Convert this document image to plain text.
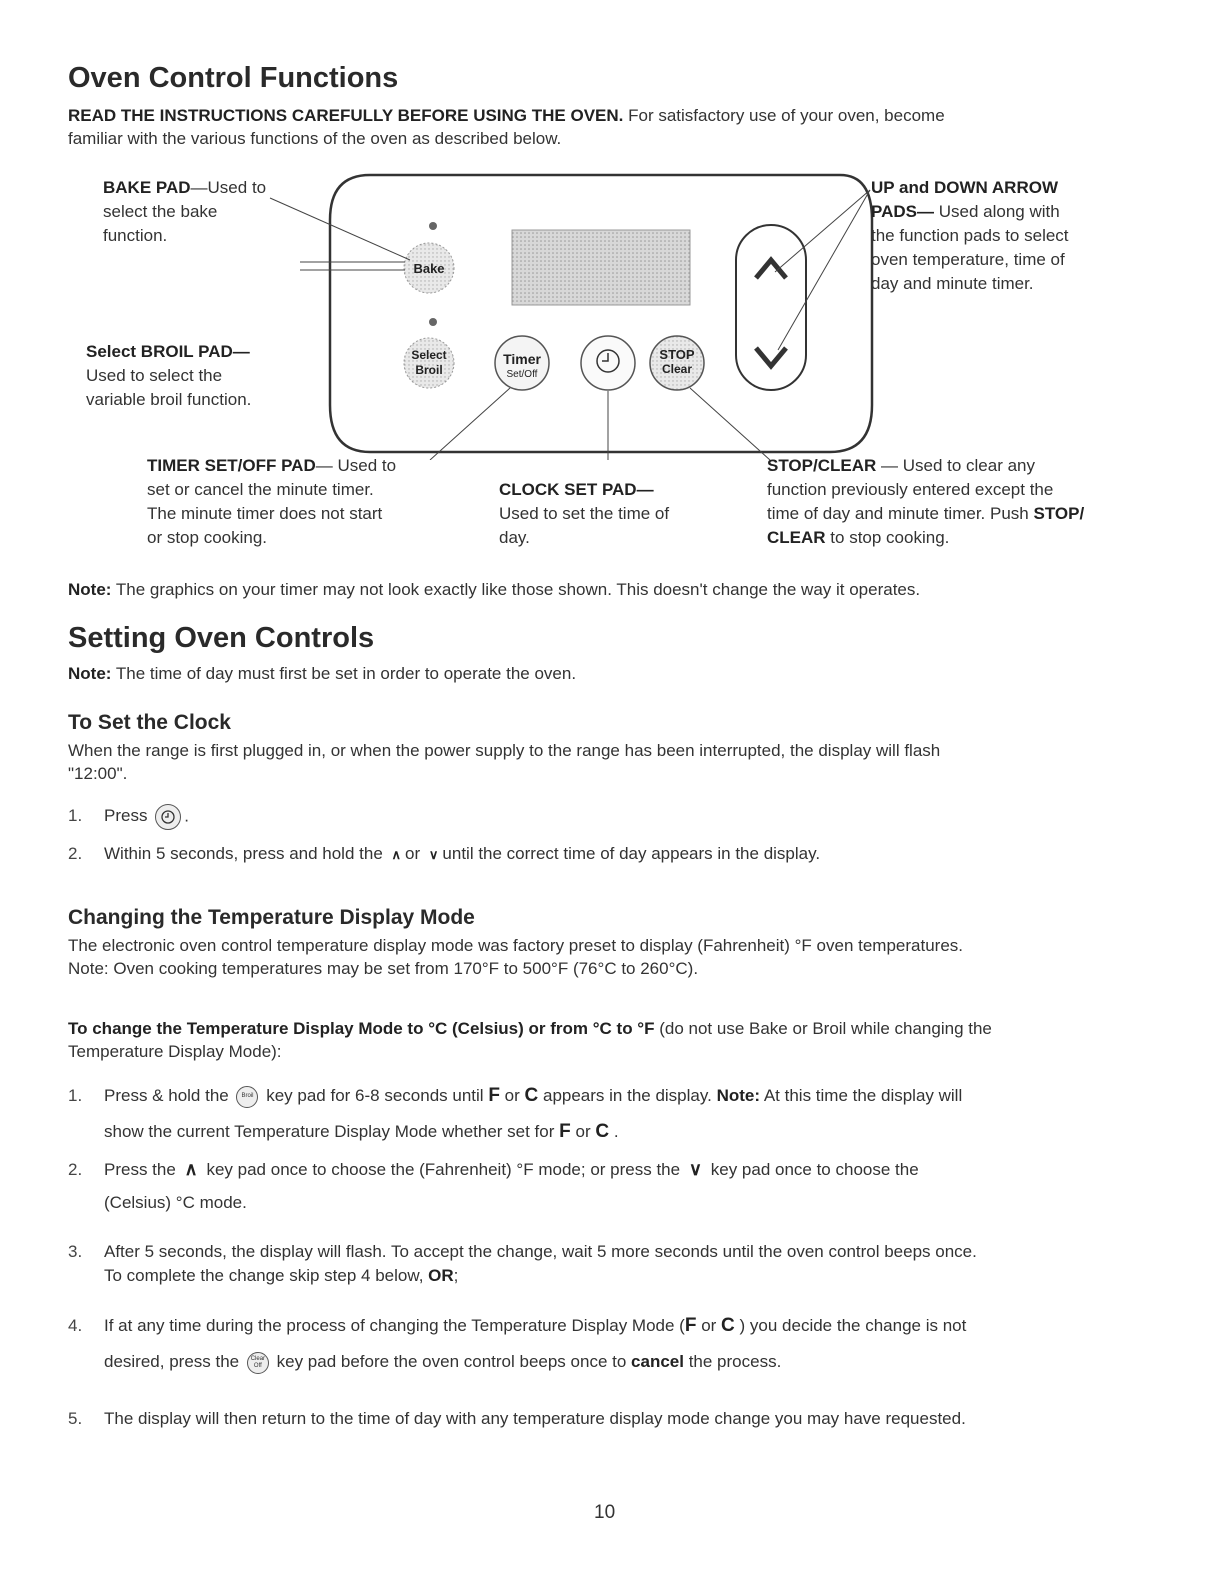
Oven Control Functions
READ THE INSTRUCTIONS CAREFULLY BEFORE USING THE OVEN. For satisfactory use of your oven, become
familiar with the various functions of the oven as described below.
Bake
Select
Broil
Timer
Set/Off
STOP
Clear
BAKE PAD—Used to
select the bake
function.
Select BROIL PAD—
Used to select the
variable broil function.
UP and DOWN ARROW
PADS— Used along with
the function pads to select
oven temperature, time of
day and minute timer.
TIMER SET/OFF PAD— Used to
set or cancel the minute timer.
The minute timer does not start
or stop cooking.
CLOCK SET PAD—
Used to set the time of
day.
STOP/CLEAR — Used to clear any
function previously entered except the
time of day and minute timer. Push STOP/
CLEAR to stop cooking.
Note: The graphics on your timer may not look exactly like those shown. This doesn't change the way it operates.
Setting Oven Controls
Note: The time of day must first be set in order to operate the oven.
To Set the Clock
When the range is first plugged in, or when the power supply to the range has been interrupted, the display will flash
"12:00".
1.	Press .
2.	Within 5 seconds, press and hold the ∧ or ∨ until the correct time of day appears in the display.
Changing the Temperature Display Mode
The electronic oven control temperature display mode was factory preset to display (Fahrenheit) °F oven temperatures.
Note: Oven cooking temperatures may be set from 170°F to 500°F (76°C to 260°C).
To change the Temperature Display Mode to °C (Celsius) or from °C to °F (do not use Bake or Broil while changing the
Temperature Display Mode):
1.	Press & hold the Broil key pad for 6-8 seconds until F or C appears in the display. Note: At this time the display will
show the current Temperature Display Mode whether set for F or C .
2.	Press the ∧ key pad once to choose the (Fahrenheit) °F mode; or press the ∨ key pad once to choose the
(Celsius) °C mode.
3.	After 5 seconds, the display will flash. To accept the change, wait 5 more seconds until the oven control beeps once.
To complete the change skip step 4 below, OR;
4.	If at any time during the process of changing the Temperature Display Mode (F or C ) you decide the change is not
desired, press the Clear
Off key pad before the oven control beeps once to cancel the process.
5.	The display will then return to the time of day with any temperature display mode change you may have requested.
10
